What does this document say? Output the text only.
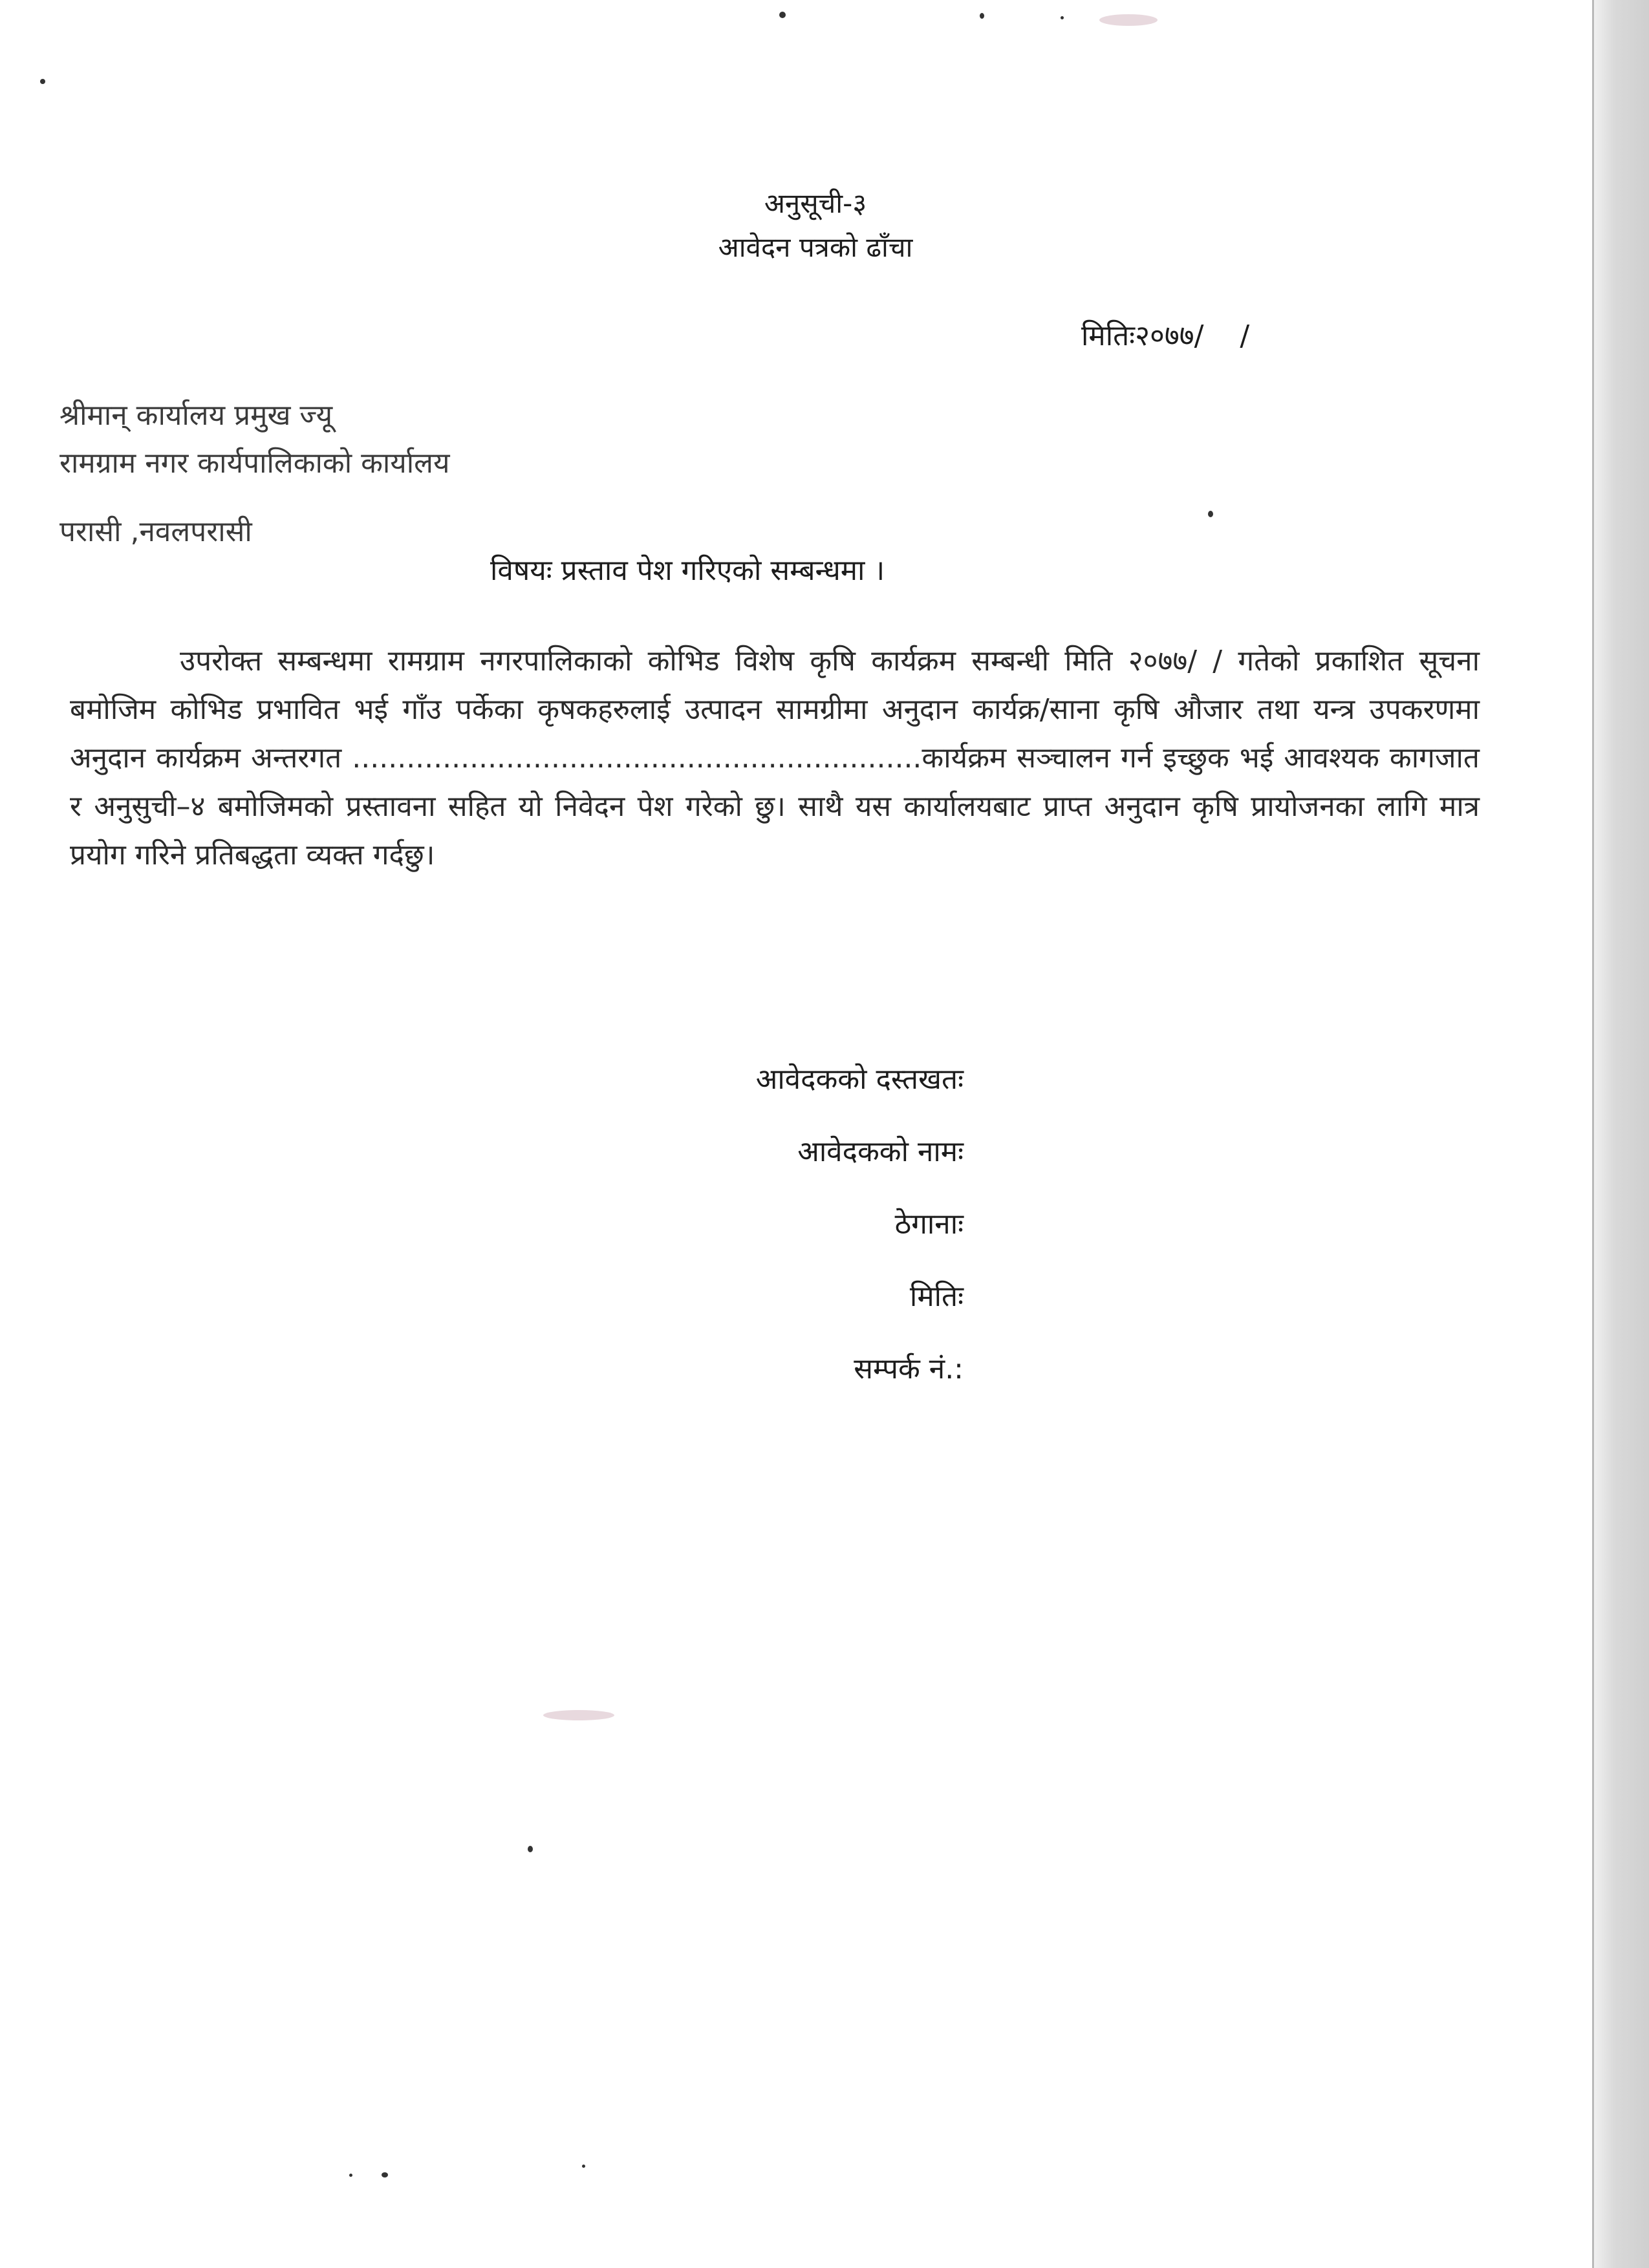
अनुसूची-३
आवेदन पत्रको ढाँचा
मितिः२०७७/    /
श्रीमान् कार्यालय प्रमुख ज्यू
रामग्राम नगर कार्यपालिकाको कार्यालय
परासी ,नवलपरासी
विषयः प्रस्ताव पेश गरिएको सम्बन्धमा ।
उपरोक्त सम्बन्धमा रामग्राम नगरपालिकाको कोभिड विशेष कृषि कार्यक्रम सम्बन्धी मिति २०७७/ / गतेको प्रकाशित सूचना बमोजिम कोभिड प्रभावित भई गाँउ पर्केका कृषकहरुलाई उत्पादन सामग्रीमा अनुदान कार्यक्र/साना कृषि औजार तथा यन्त्र उपकरणमा अनुदान कार्यक्रम अन्तरगत ...............................................................कार्यक्रम सञ्चालन गर्न इच्छुक भई आवश्यक कागजात र अनुसुची–४ बमोजिमको प्रस्तावना सहित यो निवेदन पेश गरेको छु। साथै यस कार्यालयबाट प्राप्त अनुदान कृषि प्रायोजनका लागि मात्र प्रयोग गरिने प्रतिबद्धता व्यक्त गर्दछु।
आवेदकको दस्तखतः
आवेदकको नामः
ठेगानाः
मितिः
सम्पर्क नं.:
